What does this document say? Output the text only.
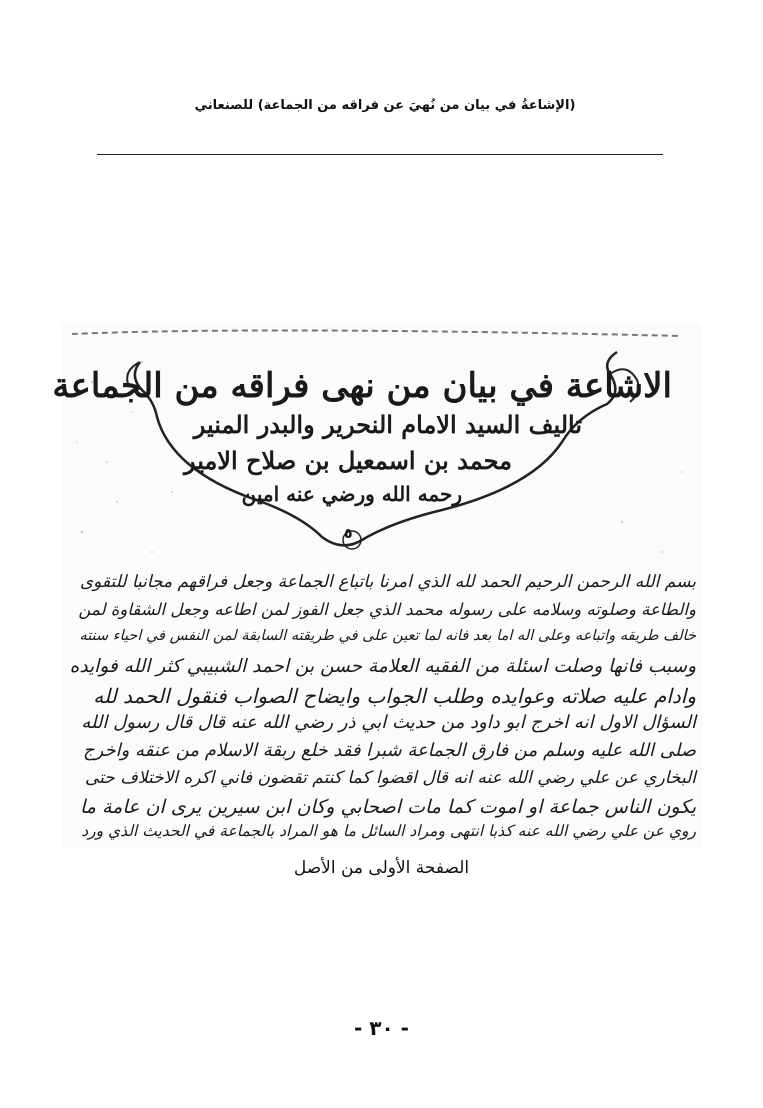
(الإشاعةُ في بيان من نُهيَ عن فراقه من الجماعة) للصنعاني
الاشاعة في بيان من نهى فراقه من الجماعة
تاليف السيد الامام النحرير والبدر المنير
محمد بن اسمعيل بن صلاح الامير
رحمه الله ورضي عنه امين
٥
بسم الله الرحمن الرحيم الحمد لله الذي امرنا باتباع الجماعة وجعل فراقهم مجانبا للتقوى
والطاعة وصلوته وسلامه على رسوله محمد الذي جعل الفوز لمن اطاعه وجعل الشقاوة لمن
خالف طريقه واتباعه وعلى اله اما بعد فانه لما تعين على في طريقته السابقة لمن النفس في احياء سنته
وسبب فانها وصلت اسئلة من الفقيه العلامة حسن بن احمد الشبيبي كثر الله فوايده
وادام عليه صلاته وعوايده وطلب الجواب وايضاح الصواب فنقول الحمد لله
السؤال الاول انه اخرج ابو داود من حديث ابي ذر رضي الله عنه قال قال رسول الله
صلى الله عليه وسلم من فارق الجماعة شبرا فقد خلع ربقة الاسلام من عنقه واخرج
البخاري عن علي رضي الله عنه انه قال اقضوا كما كنتم تقضون فاني اكره الاختلاف حتى
يكون الناس جماعة او اموت كما مات اصحابي وكان ابن سيرين يرى ان عامة ما
روي عن علي رضي الله عنه كذبا انتهى ومراد السائل ما هو المراد بالجماعة في الحديث الذي ورد
الصفحة الأولى من الأصل
- ٣٠ -
